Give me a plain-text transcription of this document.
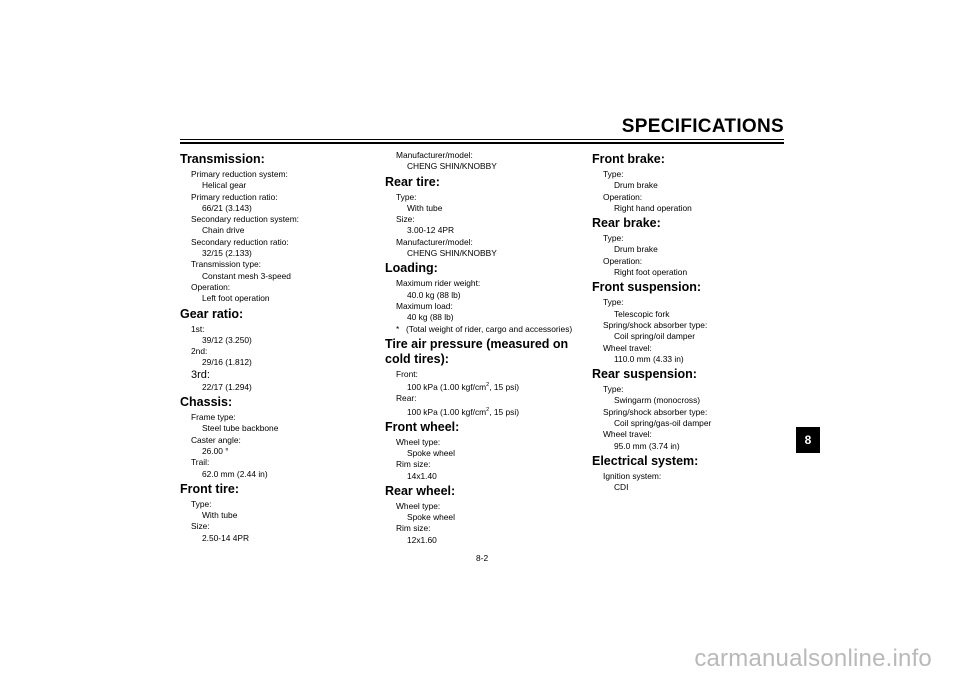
SPECIFICATIONS
Transmission:
Primary reduction system:
Helical gear
Primary reduction ratio:
66/21 (3.143)
Secondary reduction system:
Chain drive
Secondary reduction ratio:
32/15 (2.133)
Transmission type:
Constant mesh 3-speed
Operation:
Left foot operation
Gear ratio:
1st:
39/12 (3.250)
2nd:
29/16 (1.812)
3rd:
22/17 (1.294)
Chassis:
Frame type:
Steel tube backbone
Caster angle:
26.00 °
Trail:
62.0 mm (2.44 in)
Front tire:
Type:
With tube
Size:
2.50-14 4PR
Manufacturer/model:
CHENG SHIN/KNOBBY
Rear tire:
Type:
With tube
Size:
3.00-12 4PR
Manufacturer/model:
CHENG SHIN/KNOBBY
Loading:
Maximum rider weight:
40.0 kg (88 lb)
Maximum load:
40 kg (88 lb)
* (Total weight of rider, cargo and accessories)
Tire air pressure (measured on cold tires):
Front:
100 kPa (1.00 kgf/$cm^2$, 15 psi)
Rear:
100 kPa (1.00 kgf/$cm^2$, 15 psi)
Front wheel:
Wheel type:
Spoke wheel
Rim size:
14x1.40
Rear wheel:
Wheel type:
Spoke wheel
Rim size:
12x1.60
Front brake:
Type:
Drum brake
Operation:
Right hand operation
Rear brake:
Type:
Drum brake
Operation:
Right foot operation
Front suspension:
Type:
Telescopic fork
Spring/shock absorber type:
Coil spring/oil damper
Wheel travel:
110.0 mm (4.33 in)
Rear suspension:
Type:
Swingarm (monocross)
Spring/shock absorber type:
Coil spring/gas-oil damper
Wheel travel:
95.0 mm (3.74 in)
Electrical system:
Ignition system:
CDI
8-2
8
carmanualsonline.info
